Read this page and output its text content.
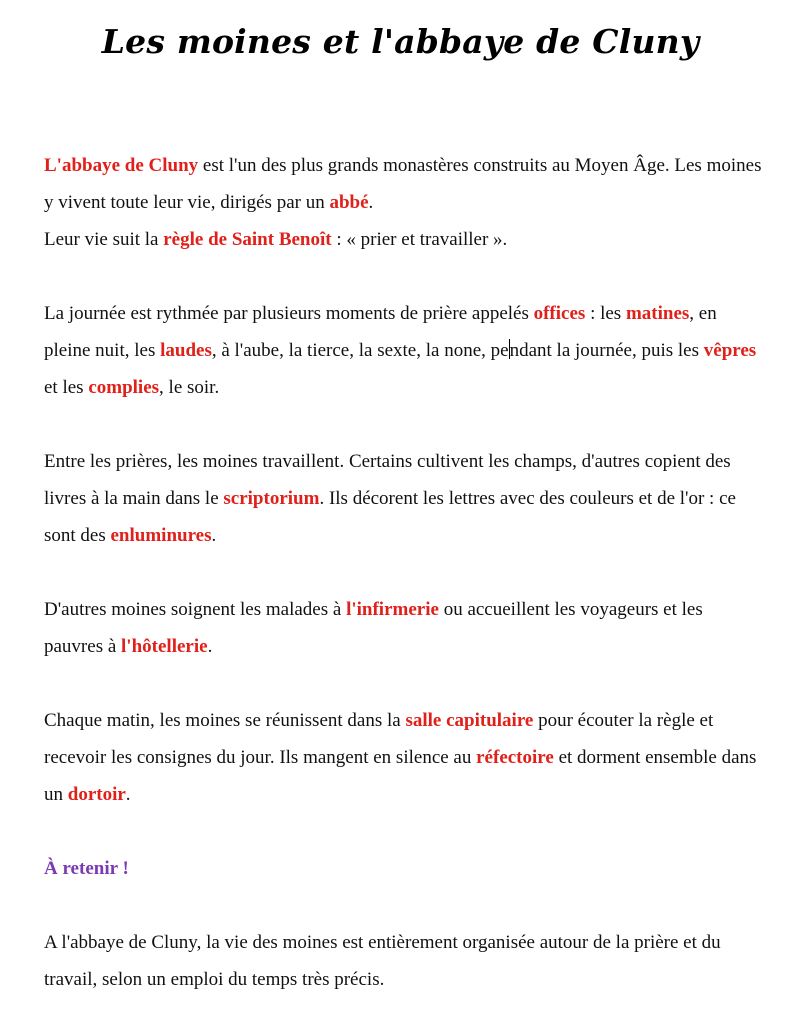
Les moines et l'abbaye de Cluny
L'abbaye de Cluny est l'un des plus grands monastères construits au Moyen Âge. Les moines y vivent toute leur vie, dirigés par un abbé.
Leur vie suit la règle de Saint Benoît : « prier et travailler ».
La journée est rythmée par plusieurs moments de prière appelés offices : les matines, en pleine nuit, les laudes, à l'aube, la tierce, la sexte, la none, pendant la journée, puis les vêpres et les complies, le soir.
Entre les prières, les moines travaillent. Certains cultivent les champs, d'autres copient des livres à la main dans le scriptorium. Ils décorent les lettres avec des couleurs et de l'or : ce sont des enluminures.
D'autres moines soignent les malades à l'infirmerie ou accueillent les voyageurs et les pauvres à l'hôtellerie.
Chaque matin, les moines se réunissent dans la salle capitulaire pour écouter la règle et recevoir les consignes du jour. Ils mangent en silence au réfectoire et dorment ensemble dans un dortoir.
À retenir !
A l'abbaye de Cluny, la vie des moines est entièrement organisée autour de la prière et du travail, selon un emploi du temps très précis.
